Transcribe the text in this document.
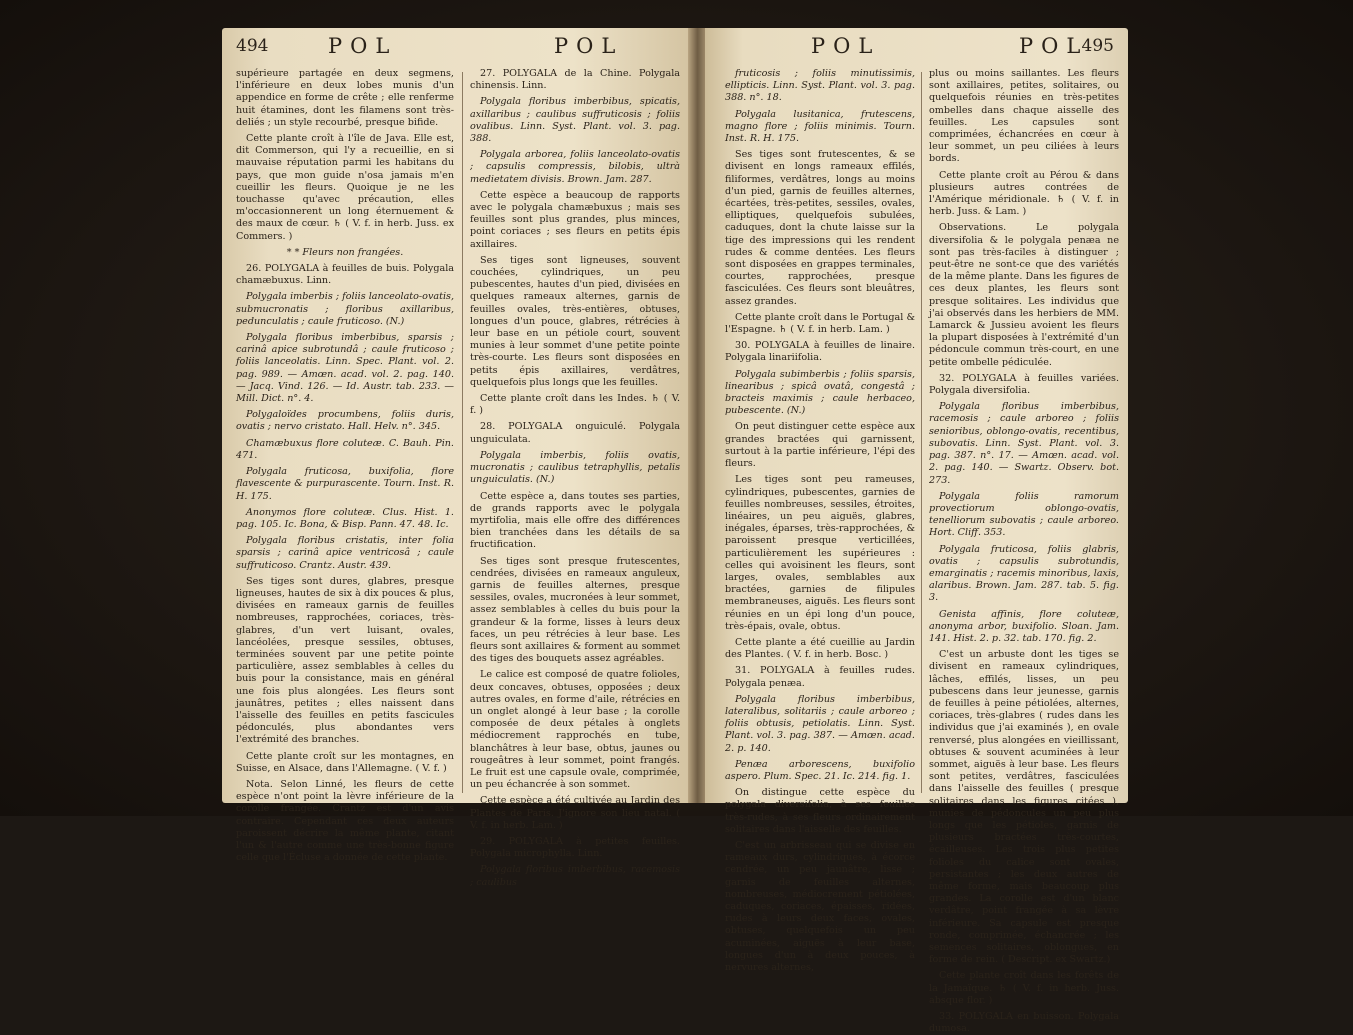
494	POL	POL

supérieure partagée en deux segmens, l'inférieure en deux lobes munis d'un appendice en forme de crête ; elle renferme huit étamines, dont les filamens sont très-deliés ; un style recourbé, presque bifide.

Cette plante croît à l'île de Java. Elle est, dit Commerson, qui l'y a recueillie, en si mauvaise réputation parmi les habitans du pays, que mon guide n'osa jamais m'en cueillir les fleurs. Quoique je ne les touchasse qu'avec précaution, elles m'occasionnerent un long éternuement & des maux de cœur. ♄ ( V. f. in herb. Juss. ex Commers. )

* * Fleurs non frangées.

26. POLYGALA à feuilles de buis. Polygala chamæbuxus. Linn.

Polygala imberbis ; foliis lanceolato-ovatis, submucronatis ; floribus axillaribus, pedunculatis ; caule fruticoso. (N.)

Polygala floribus imberbibus, sparsis ; carinâ apice subrotundâ ; caule fruticoso ; foliis lanceolatis. Linn. Spec. Plant. vol. 2. pag. 989. — Amœn. acad. vol. 2. pag. 140. — Jacq. Vind. 126. — Id. Austr. tab. 233. — Mill. Dict. n°. 4.

Polygaloïdes procumbens, foliis duris, ovatis ; nervo cristato. Hall. Helv. n°. 345.

Chamæbuxus flore coluteæ. C. Bauh. Pin. 471.

Polygala fruticosa, buxifolia, flore flavescente & purpurascente. Tourn. Inst. R. H. 175.

Anonymos flore coluteæ. Clus. Hist. 1. pag. 105. Ic. Bona, & Bisp. Pann. 47. 48. Ic.

Polygala floribus cristatis, inter folia sparsis ; carinâ apice ventricosâ ; caule suffruticoso. Crantz. Austr. 439.

Ses tiges sont dures, glabres, presque ligneuses, hautes de six à dix pouces & plus, divisées en rameaux garnis de feuilles nombreuses, rapprochées, coriaces, très-glabres, d'un vert luisant, ovales, lancéolées, presque sessiles, obtuses, terminées souvent par une petite pointe particulière, assez semblables à celles du buis pour la consistance, mais en général une fois plus alongées. Les fleurs sont jaunâtres, petites ; elles naissent dans l'aisselle des feuilles en petits fascicules pédonculés, plus abondantes vers l'extrémité des branches.

Cette plante croît sur les montagnes, en Suisse, en Alsace, dans l'Allemagne. ( V. f. )

Nota. Selon Linné, les fleurs de cette espèce n'ont point la lèvre inférieure de la corolle frangée. Crantz est d'un avis contraire. Cependant ces deux auteurs paroissent décrire la même plante, citant l'un & l'autre comme une très-bonne figure celle que l'Écluse a donnée de cette plante.

27. POLYGALA de la Chine. Polygala chinensis. Linn.

Polygala floribus imberbibus, spicatis, axillaribus ; caulibus suffruticosis ; foliis ovalibus. Linn. Syst. Plant. vol. 3. pag. 388.

Polygala arborea, foliis lanceolato-ovatis ; capsulis compressis, bilobis, ultrà medietatem divisis. Brown. Jam. 287.

Cette espèce a beaucoup de rapports avec le polygala chamæbuxus ; mais ses feuilles sont plus grandes, plus minces, point coriaces ; ses fleurs en petits épis axillaires.

Ses tiges sont ligneuses, souvent couchées, cylindriques, un peu pubescentes, hautes d'un pied, divisées en quelques rameaux alternes, garnis de feuilles ovales, très-entières, obtuses, longues d'un pouce, glabres, rétrécies à leur base en un pétiole court, souvent munies à leur sommet d'une petite pointe très-courte. Les fleurs sont disposées en petits épis axillaires, verdâtres, quelquefois plus longs que les feuilles.

Cette plante croît dans les Indes. ♄ ( V. f. )

28. POLYGALA onguiculé. Polygala unguiculata.

Polygala imberbis, foliis ovatis, mucronatis ; caulibus tetraphyllis, petalis unguiculatis. (N.)

Cette espèce a, dans toutes ses parties, de grands rapports avec le polygala myrtifolia, mais elle offre des différences bien tranchées dans les détails de sa fructification.

Ses tiges sont presque frutescentes, cendrées, divisées en rameaux anguleux, garnis de feuilles alternes, presque sessiles, ovales, mucronées à leur sommet, assez semblables à celles du buis pour la grandeur & la forme, lisses à leurs deux faces, un peu rétrécies à leur base. Les fleurs sont axillaires & forment au sommet des tiges des bouquets assez agréables.

Le calice est composé de quatre folioles, deux concaves, obtuses, opposées ; deux autres ovales, en forme d'aile, rétrécies en un onglet alongé à leur base ; la corolle composée de deux pétales à onglets médiocrement rapprochés en tube, blanchâtres à leur base, obtus, jaunes ou rougeâtres à leur sommet, point frangés. Le fruit est une capsule ovale, comprimée, un peu échancrée à son sommet.

Cette espèce a été cultivée au Jardin des Plantes de Paris. J'ignore son lieu natal. ( V. f. in herb. Lam. )

29. POLYGALA à petites feuilles. Polygala microphylla. Linn.

Polygala floribus imberbibus, racemosis ; caulibus

POL	POL
495

fruticosis ; foliis minutissimis, ellipticis. Linn. Syst. Plant. vol. 3. pag. 388. n°. 18.

Polygala lusitanica, frutescens, magno flore ; foliis minimis. Tourn. Inst. R. H. 175.

Ses tiges sont frutescentes, & se divisent en longs rameaux effilés, filiformes, verdâtres, longs au moins d'un pied, garnis de feuilles alternes, écartées, très-petites, sessiles, ovales, elliptiques, quelquefois subulées, caduques, dont la chute laisse sur la tige des impressions qui les rendent rudes & comme dentées. Les fleurs sont disposées en grappes terminales, courtes, rapprochées, presque fasciculées. Ces fleurs sont bleuâtres, assez grandes.

Cette plante croît dans le Portugal & l'Espagne. ♄ ( V. f. in herb. Lam. )

30. POLYGALA à feuilles de linaire. Polygala linariifolia.

Polygala subimberbis ; foliis sparsis, linearibus ; spicâ ovatâ, congestâ ; bracteis maximis ; caule herbaceo, pubescente. (N.)

On peut distinguer cette espèce aux grandes bractées qui garnissent, surtout à la partie inférieure, l'épi des fleurs.

Les tiges sont peu rameuses, cylindriques, pubescentes, garnies de feuilles nombreuses, sessiles, étroites, linéaires, un peu aiguës, glabres, inégales, éparses, très-rapprochées, & paroissent presque verticillées, particulièrement les supérieures : celles qui avoisinent les fleurs, sont larges, ovales, semblables aux bractées, garnies de filipules membraneuses, aiguës. Les fleurs sont réunies en un épi long d'un pouce, très-épais, ovale, obtus.

Cette plante a été cueillie au Jardin des Plantes. ( V. f. in herb. Bosc. )

31. POLYGALA à feuilles rudes. Polygala penæa.

Polygala floribus imberbibus, lateralibus, solitariis ; caule arboreo ; foliis obtusis, petiolatis. Linn. Syst. Plant. vol. 3. pag. 387. — Amœn. acad. 2. p. 140.

Penæa arborescens, buxifolio aspero. Plum. Spec. 21. Ic. 214. fig. 1.

On distingue cette espèce du polygala diversifolia, à ses feuilles très-rudes, à ses fleurs ordinairement solitaires dans l'aisselle des feuilles.

C'est un arbrisseau qui se divise en rameaux durs, cylindriques, à écorce cendrée, un peu jaunâtre, lisse ; garnis de feuilles alternes, nombreuses, médiocrement pétiolées, caduques, coriaces, épaisses, ridées, rudes à leurs deux faces, ovales, obtuses, quelquefois un peu acuminées, aiguës à leur base, longues d'un à deux pouces, à nervures alternes,

plus ou moins saillantes. Les fleurs sont axillaires, petites, solitaires, ou quelquefois réunies en très-petites ombelles dans chaque aisselle des feuilles. Les capsules sont comprimées, échancrées en cœur à leur sommet, un peu ciliées à leurs bords.

Cette plante croît au Pérou & dans plusieurs autres contrées de l'Amérique méridionale. ♄ ( V. f. in herb. Juss. & Lam. )

Observations. Le polygala diversifolia & le polygala penæa ne sont pas très-faciles à distinguer ; peut-être ne sont-ce que des variétés de la même plante. Dans les figures de ces deux plantes, les fleurs sont presque solitaires. Les individus que j'ai observés dans les herbiers de MM. Lamarck & Jussieu avoient les fleurs la plupart disposées à l'extrémité d'un pédoncule commun très-court, en une petite ombelle pédiculée.

32. POLYGALA à feuilles variées. Polygala diversifolia.

Polygala floribus imberbibus, racemosis ; caule arboreo ; foliis senioribus, oblongo-ovatis, recentibus, subovatis. Linn. Syst. Plant. vol. 3. pag. 387. n°. 17. — Amœn. acad. vol. 2. pag. 140. — Swartz. Observ. bot. 273.

Polygala foliis ramorum provectiorum oblongo-ovatis, tenelliorum subovatis ; caule arboreo. Hort. Cliff. 353.

Polygala fruticosa, foliis glabris, ovatis ; capsulis subrotundis, emarginatis ; racemis minoribus, laxis, alaribus. Brown. Jam. 287. tab. 5. fig. 3.

Genista affinis, flore coluteæ, anonyma arbor, buxifolio. Sloan. Jam. 141. Hist. 2. p. 32. tab. 170. fig. 2.

C'est un arbuste dont les tiges se divisent en rameaux cylindriques, lâches, effilés, lisses, un peu pubescens dans leur jeunesse, garnis de feuilles à peine pétiolées, alternes, coriaces, très-glabres ( rudes dans les individus que j'ai examinés ), en ovale renversé, plus alongées en vieillissant, obtuses & souvent acuminées à leur sommet, aiguës à leur base. Les fleurs sont petites, verdâtres, fasciculées dans l'aisselle des feuilles ( presque solitaires dans les figures citées ), munies de pédoncules un peu plus longs que les pétioles, garnis de plusieurs bractées très-courtes, écailleuses. Les trois plus petites folioles du calice sont ovales, persistantes ; les deux autres de même forme, mais beaucoup plus grandes. La corolle est d'un blanc verdâtre, point frangée à sa lèvre inférieure. Sa capsule est presque ronde, comprimée, échancrée ; les semences solitaires, oblongues, en forme de rein. ( Descript. ex Swartz.)

Cette plante croît dans les forêts de la Jamaïque. ♄ ( V. f. in herb. Juss. absque flor. )

33. POLYGALA en buisson. Polygala dumosa.
